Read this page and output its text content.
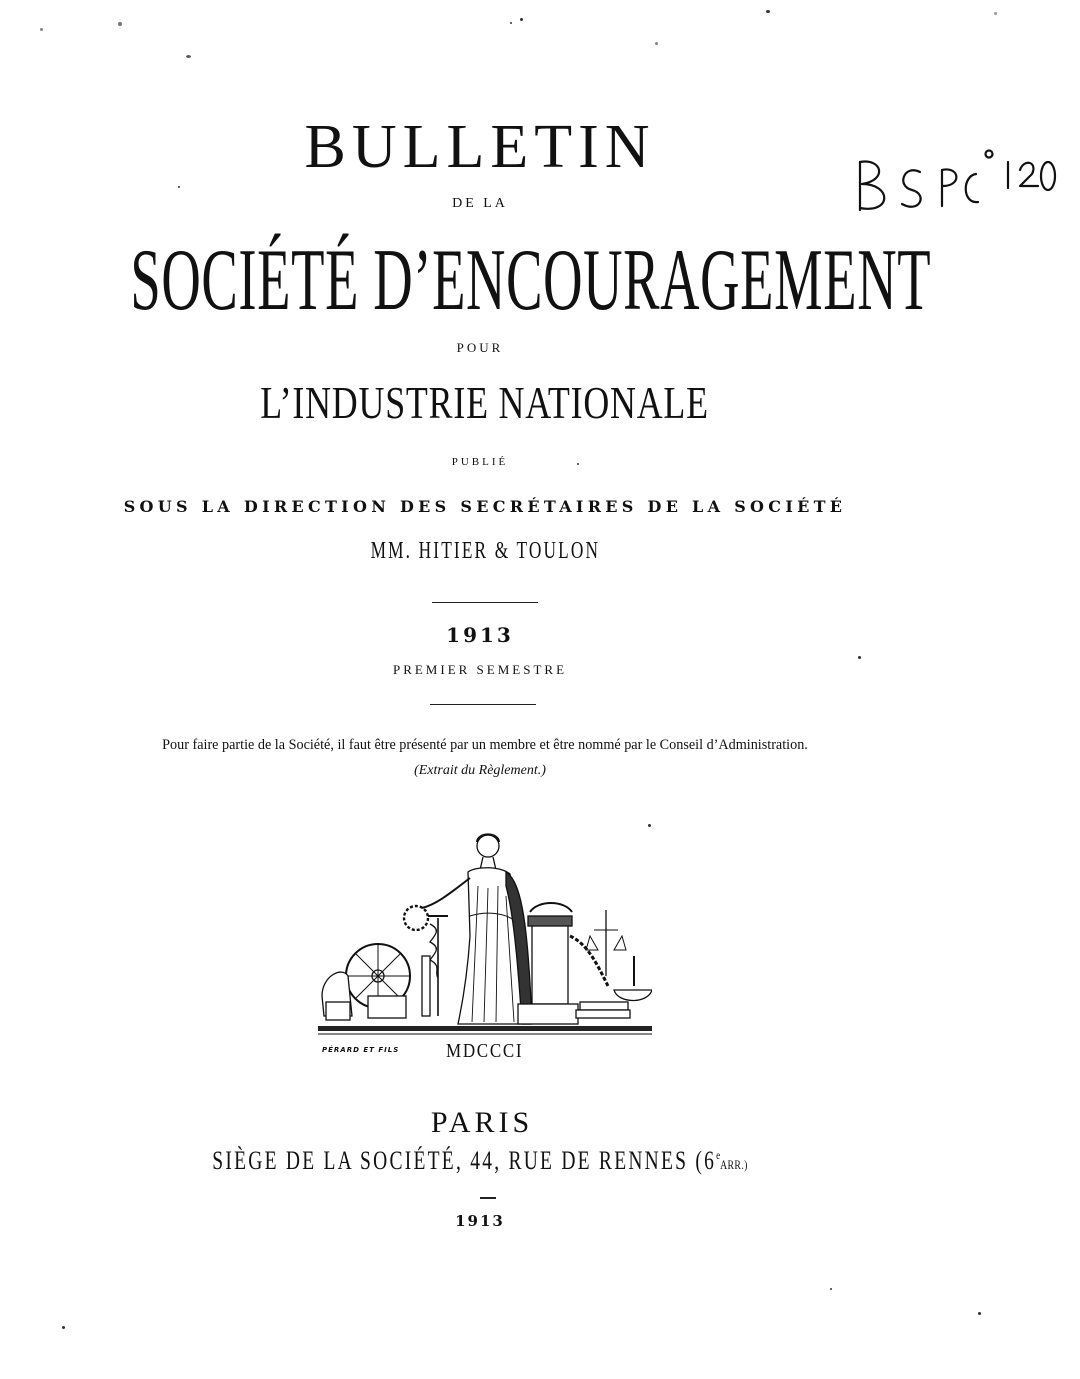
BULLETIN
DE LA
SOCIÉTÉ D’ENCOURAGEMENT
POUR
L’INDUSTRIE NATIONALE
PUBLIÉ
SOUS LA DIRECTION DES SECRÉTAIRES DE LA SOCIÉTÉ
MM. HITIER & TOULON
1913
PREMIER SEMESTRE
Pour faire partie de la Société, il faut être présenté par un membre et être nommé par le Conseil d’Administration.
(Extrait du Règlement.)
PÉRARD ET FILS MDCCCI
PARIS
SIÈGE DE LA SOCIÉTÉ, 44, RUE DE RENNES (6eARR.)
1913
